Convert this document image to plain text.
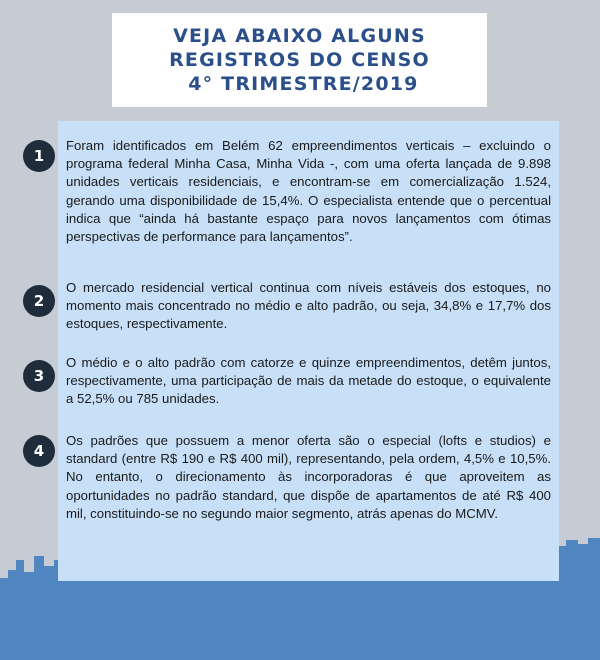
VEJA ABAIXO ALGUNS
REGISTROS DO CENSO
4° TRIMESTRE/2019
1

Foram identificados em Belém 62 empreendimentos verticais – excluindo o programa federal Minha Casa, Minha Vida -, com uma oferta lançada de 9.898 unidades verticais residenciais, e encontram-se em comercialização 1.524, gerando uma disponibilidade de 15,4%. O especialista entende que o percentual indica que “ainda há bastante espaço para novos lançamentos com ótimas perspectivas de performance para lançamentos”.

2

O mercado residencial vertical continua com níveis estáveis dos estoques, no momento mais concentrado no médio e alto padrão, ou seja, 34,8% e 17,7% dos estoques, respectivamente.

3

O médio e o alto padrão com catorze e quinze empreendimentos, detêm juntos, respectivamente, uma participação de mais da metade do estoque, o equivalente a 52,5% ou 785 unidades.

4

Os padrões que possuem a menor oferta são o especial (lofts e studios) e standard (entre R$ 190 e R$ 400 mil), representando, pela ordem, 4,5% e 10,5%. No entanto, o direcionamento às incorporadoras é que aproveitem as oportunidades no padrão standard, que dispõe de apartamentos de até R$ 400 mil, constituindo-se no segundo maior segmento, atrás apenas do MCMV.
